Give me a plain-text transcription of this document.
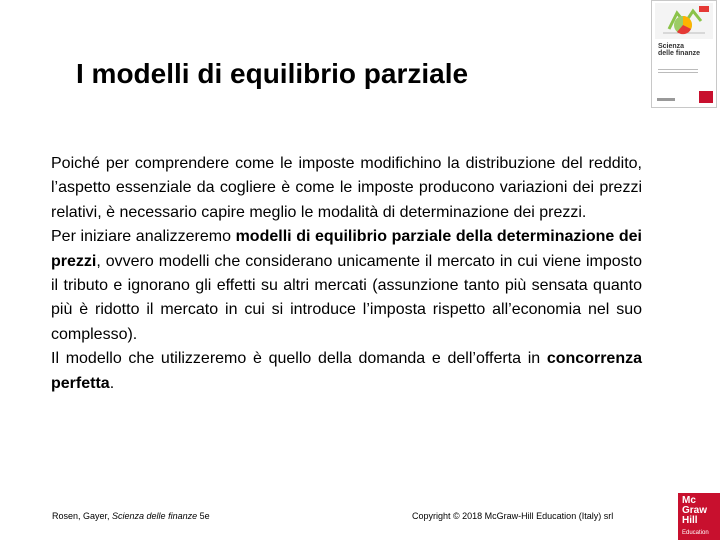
I modelli di equilibrio parziale
Scienza
delle finanze

Poiché per comprendere come le imposte modifichino la distribuzione del reddito, l’aspetto essenziale da cogliere è come le imposte producono variazioni dei prezzi relativi, è necessario capire meglio le modalità di determinazione dei prezzi.

Per iniziare analizzeremo modelli di equilibrio parziale della determinazione dei prezzi, ovvero modelli che considerano unicamente il mercato in cui viene imposto il tributo e ignorano gli effetti su altri mercati (assunzione tanto più sensata quanto più è ridotto il mercato in cui si introduce l’imposta rispetto all’economia nel suo complesso).

Il modello che utilizzeremo è quello della domanda e dell’offerta in concorrenza perfetta.

Rosen, Gayer, Scienza delle finanze 5e	Copyright © 2018 McGraw-Hill Education (Italy) srl
Mc
Graw
Hill
Education
